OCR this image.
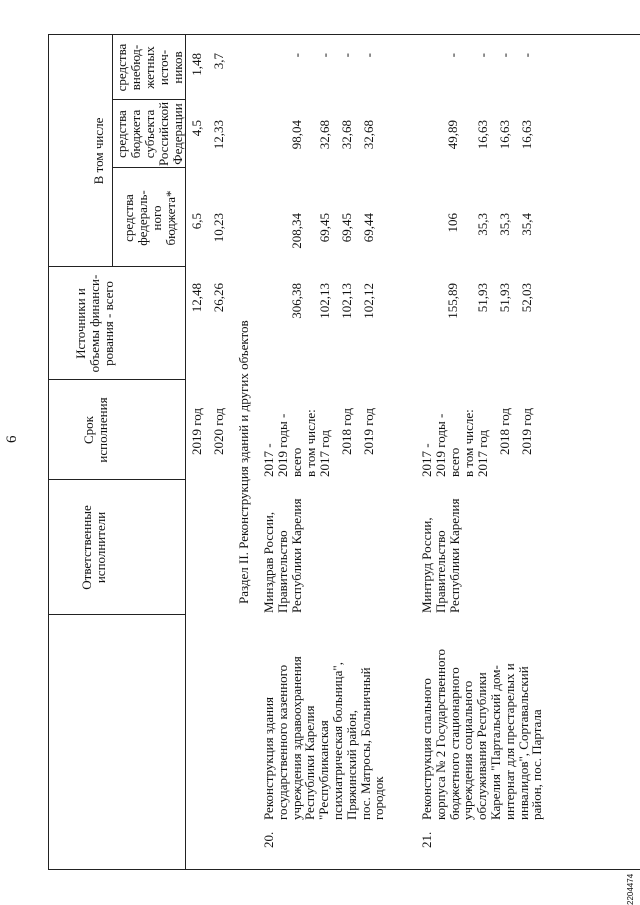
6
Ответственные
исполнители
Срок
исполнения
Источники и
объемы финанси-
рования - всего
В том числе
средства
федераль-
ного
бюджета*
средства
бюджета
субъекта
Российской
Федерации
средства
внебюд-
жетных
источ-
ников
2019 год
12,48
6,5
4,5
1,48
2020 год
26,26
10,23
12,33
3,7
Раздел II. Реконструкция зданий и других объектов
20.
Реконструкция здания
государственного казенного
учреждения здравоохранения
Республики Карелия
"Республиканская
психиатрическая больница",
Пряжинский район,
пос. Матросы, Больничный
городок
Минздрав России,
Правительство
Республики Карелия
2017 -
2019 годы -
всего
306,38
208,34
98,04
-
в том числе:
2017 год
102,13
69,45
32,68
-
2018 год
102,13
69,45
32,68
-
2019 год
102,12
69,44
32,68
-
21.
Реконструкция спального
корпуса № 2 Государственного
бюджетного стационарного
учреждения социального
обслуживания Республики
Карелия "Партальский дом-
интернат для престарелых и
инвалидов", Сортавальский
район, пос. Партала
Минтруд России,
Правительство
Республики Карелия
2017 -
2019 годы -
всего
155,89
106
49,89
-
в том числе:
2017 год
51,93
35,3
16,63
-
2018 год
51,93
35,3
16,63
-
2019 год
52,03
35,4
16,63
-
2204474
